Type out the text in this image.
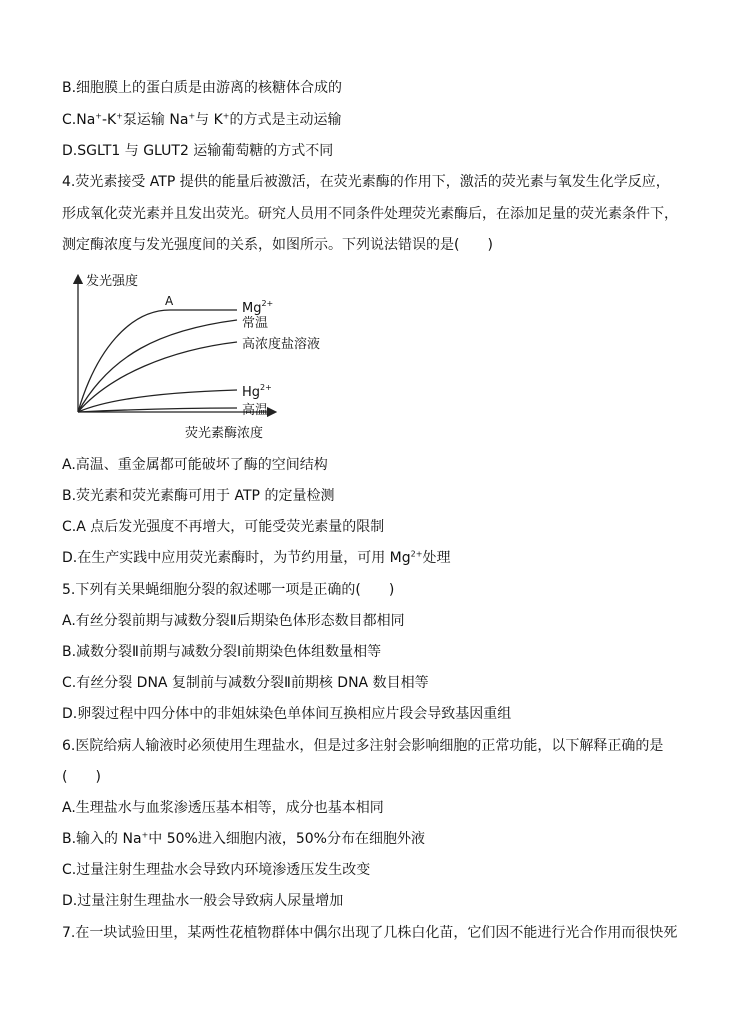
B.细胞膜上的蛋白质是由游离的核糖体合成的
C.Na+-K+泵运输 Na+与 K+的方式是主动运输
D.SGLT1 与 GLUT2 运输葡萄糖的方式不同
4.荧光素接受 ATP 提供的能量后被激活，在荧光素酶的作用下，激活的荧光素与氧发生化学反应，
形成氧化荧光素并且发出荧光。研究人员用不同条件处理荧光素酶后，在添加足量的荧光素条件下，
测定酶浓度与发光强度间的关系，如图所示。下列说法错误的是(　　)
发光强度
荧光素酶浓度
A	$Mg^{2+}$
常温
高浓度盐溶液
$Hg^{2+}$
高温
A.高温、重金属都可能破坏了酶的空间结构
B.荧光素和荧光素酶可用于 ATP 的定量检测
C.A 点后发光强度不再增大，可能受荧光素量的限制
D.在生产实践中应用荧光素酶时，为节约用量，可用 $Mg^{2+}$处理
5.下列有关果蝇细胞分裂的叙述哪一项是正确的(　　)
A.有丝分裂前期与减数分裂Ⅱ后期染色体形态数目都相同
B.减数分裂Ⅱ前期与减数分裂Ⅰ前期染色体组数量相等
C.有丝分裂 DNA 复制前与减数分裂Ⅱ前期核 DNA 数目相等
D.卵裂过程中四分体中的非姐妹染色单体间互换相应片段会导致基因重组
6.医院给病人输液时必须使用生理盐水，但是过多注射会影响细胞的正常功能，以下解释正确的是
(　　)
A.生理盐水与血浆渗透压基本相等，成分也基本相同
B.输入的 Na+中 50%进入细胞内液，50%分布在细胞外液
C.过量注射生理盐水会导致内环境渗透压发生改变
D.过量注射生理盐水一般会导致病人尿量增加
7.在一块试验田里，某两性花植物群体中偶尔出现了几株白化苗，它们因不能进行光合作用而很快死
